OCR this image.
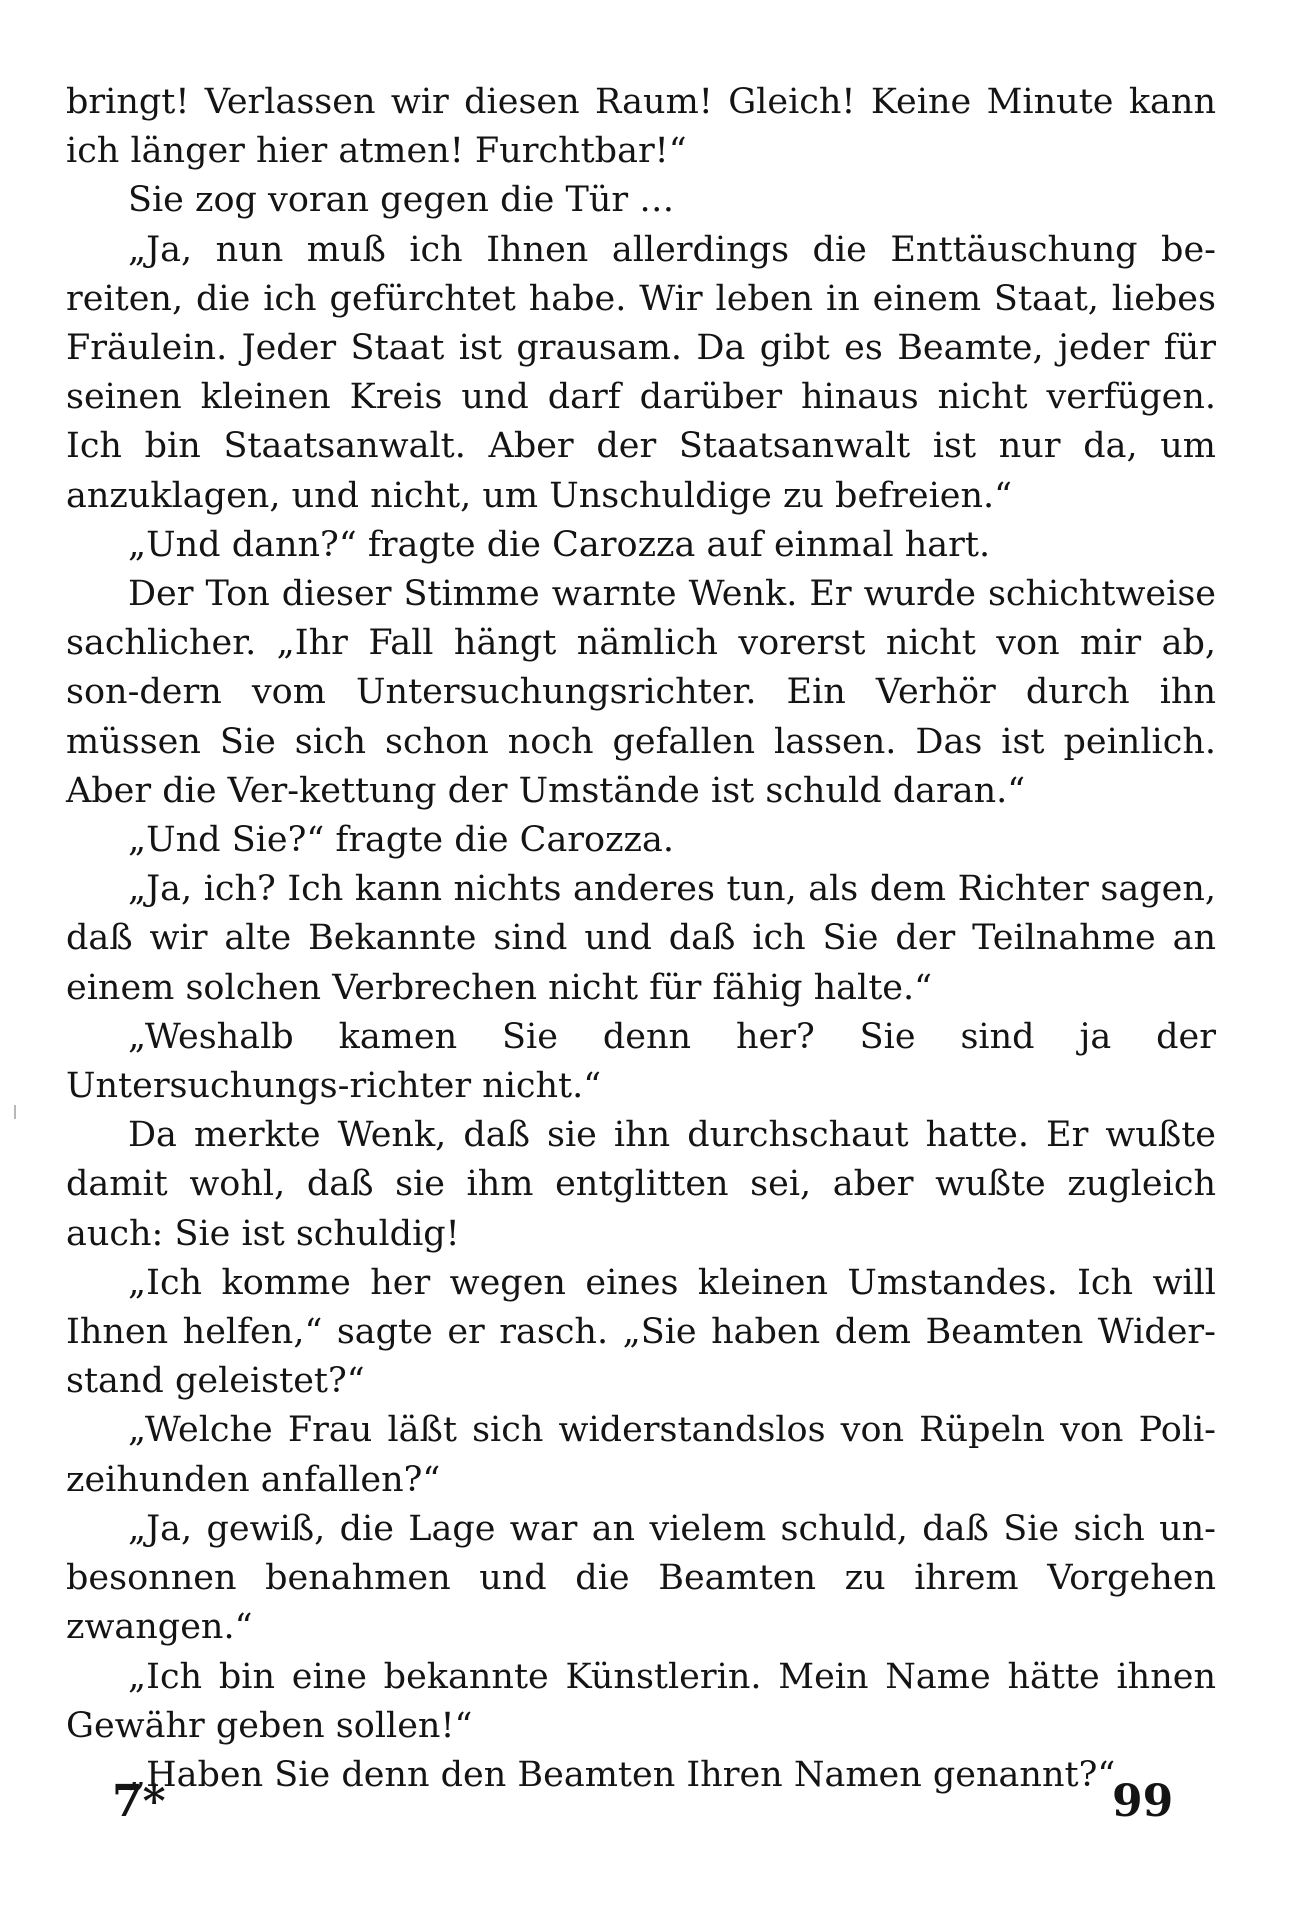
bringt! Verlassen wir diesen Raum! Gleich! Keine Minute kann ich länger hier atmen! Furchtbar!“

Sie zog voran gegen die Tür …

„Ja, nun muß ich Ihnen allerdings die Enttäuschung be-reiten, die ich gefürchtet habe. Wir leben in einem Staat, liebes Fräulein. Jeder Staat ist grausam. Da gibt es Beamte, jeder für seinen kleinen Kreis und darf darüber hinaus nicht verfügen. Ich bin Staatsanwalt. Aber der Staatsanwalt ist nur da, um anzuklagen, und nicht, um Unschuldige zu befreien.“

„Und dann?“ fragte die Carozza auf einmal hart.

Der Ton dieser Stimme warnte Wenk. Er wurde schichtweise sachlicher. „Ihr Fall hängt nämlich vorerst nicht von mir ab, son-dern vom Untersuchungsrichter. Ein Verhör durch ihn müssen Sie sich schon noch gefallen lassen. Das ist peinlich. Aber die Ver-kettung der Umstände ist schuld daran.“

„Und Sie?“ fragte die Carozza.

„Ja, ich? Ich kann nichts anderes tun, als dem Richter sagen, daß wir alte Bekannte sind und daß ich Sie der Teilnahme an einem solchen Verbrechen nicht für fähig halte.“

„Weshalb kamen Sie denn her? Sie sind ja der Untersuchungs-richter nicht.“

Da merkte Wenk, daß sie ihn durchschaut hatte. Er wußte damit wohl, daß sie ihm entglitten sei, aber wußte zugleich auch: Sie ist schuldig!

„Ich komme her wegen eines kleinen Umstandes. Ich will Ihnen helfen,“ sagte er rasch. „Sie haben dem Beamten Wider-stand geleistet?“

„Welche Frau läßt sich widerstandslos von Rüpeln von Poli-zeihunden anfallen?“

„Ja, gewiß, die Lage war an vielem schuld, daß Sie sich un-besonnen benahmen und die Beamten zu ihrem Vorgehen zwangen.“

„Ich bin eine bekannte Künstlerin. Mein Name hätte ihnen Gewähr geben sollen!“

„Haben Sie denn den Beamten Ihren Namen genannt?“

7*	99
